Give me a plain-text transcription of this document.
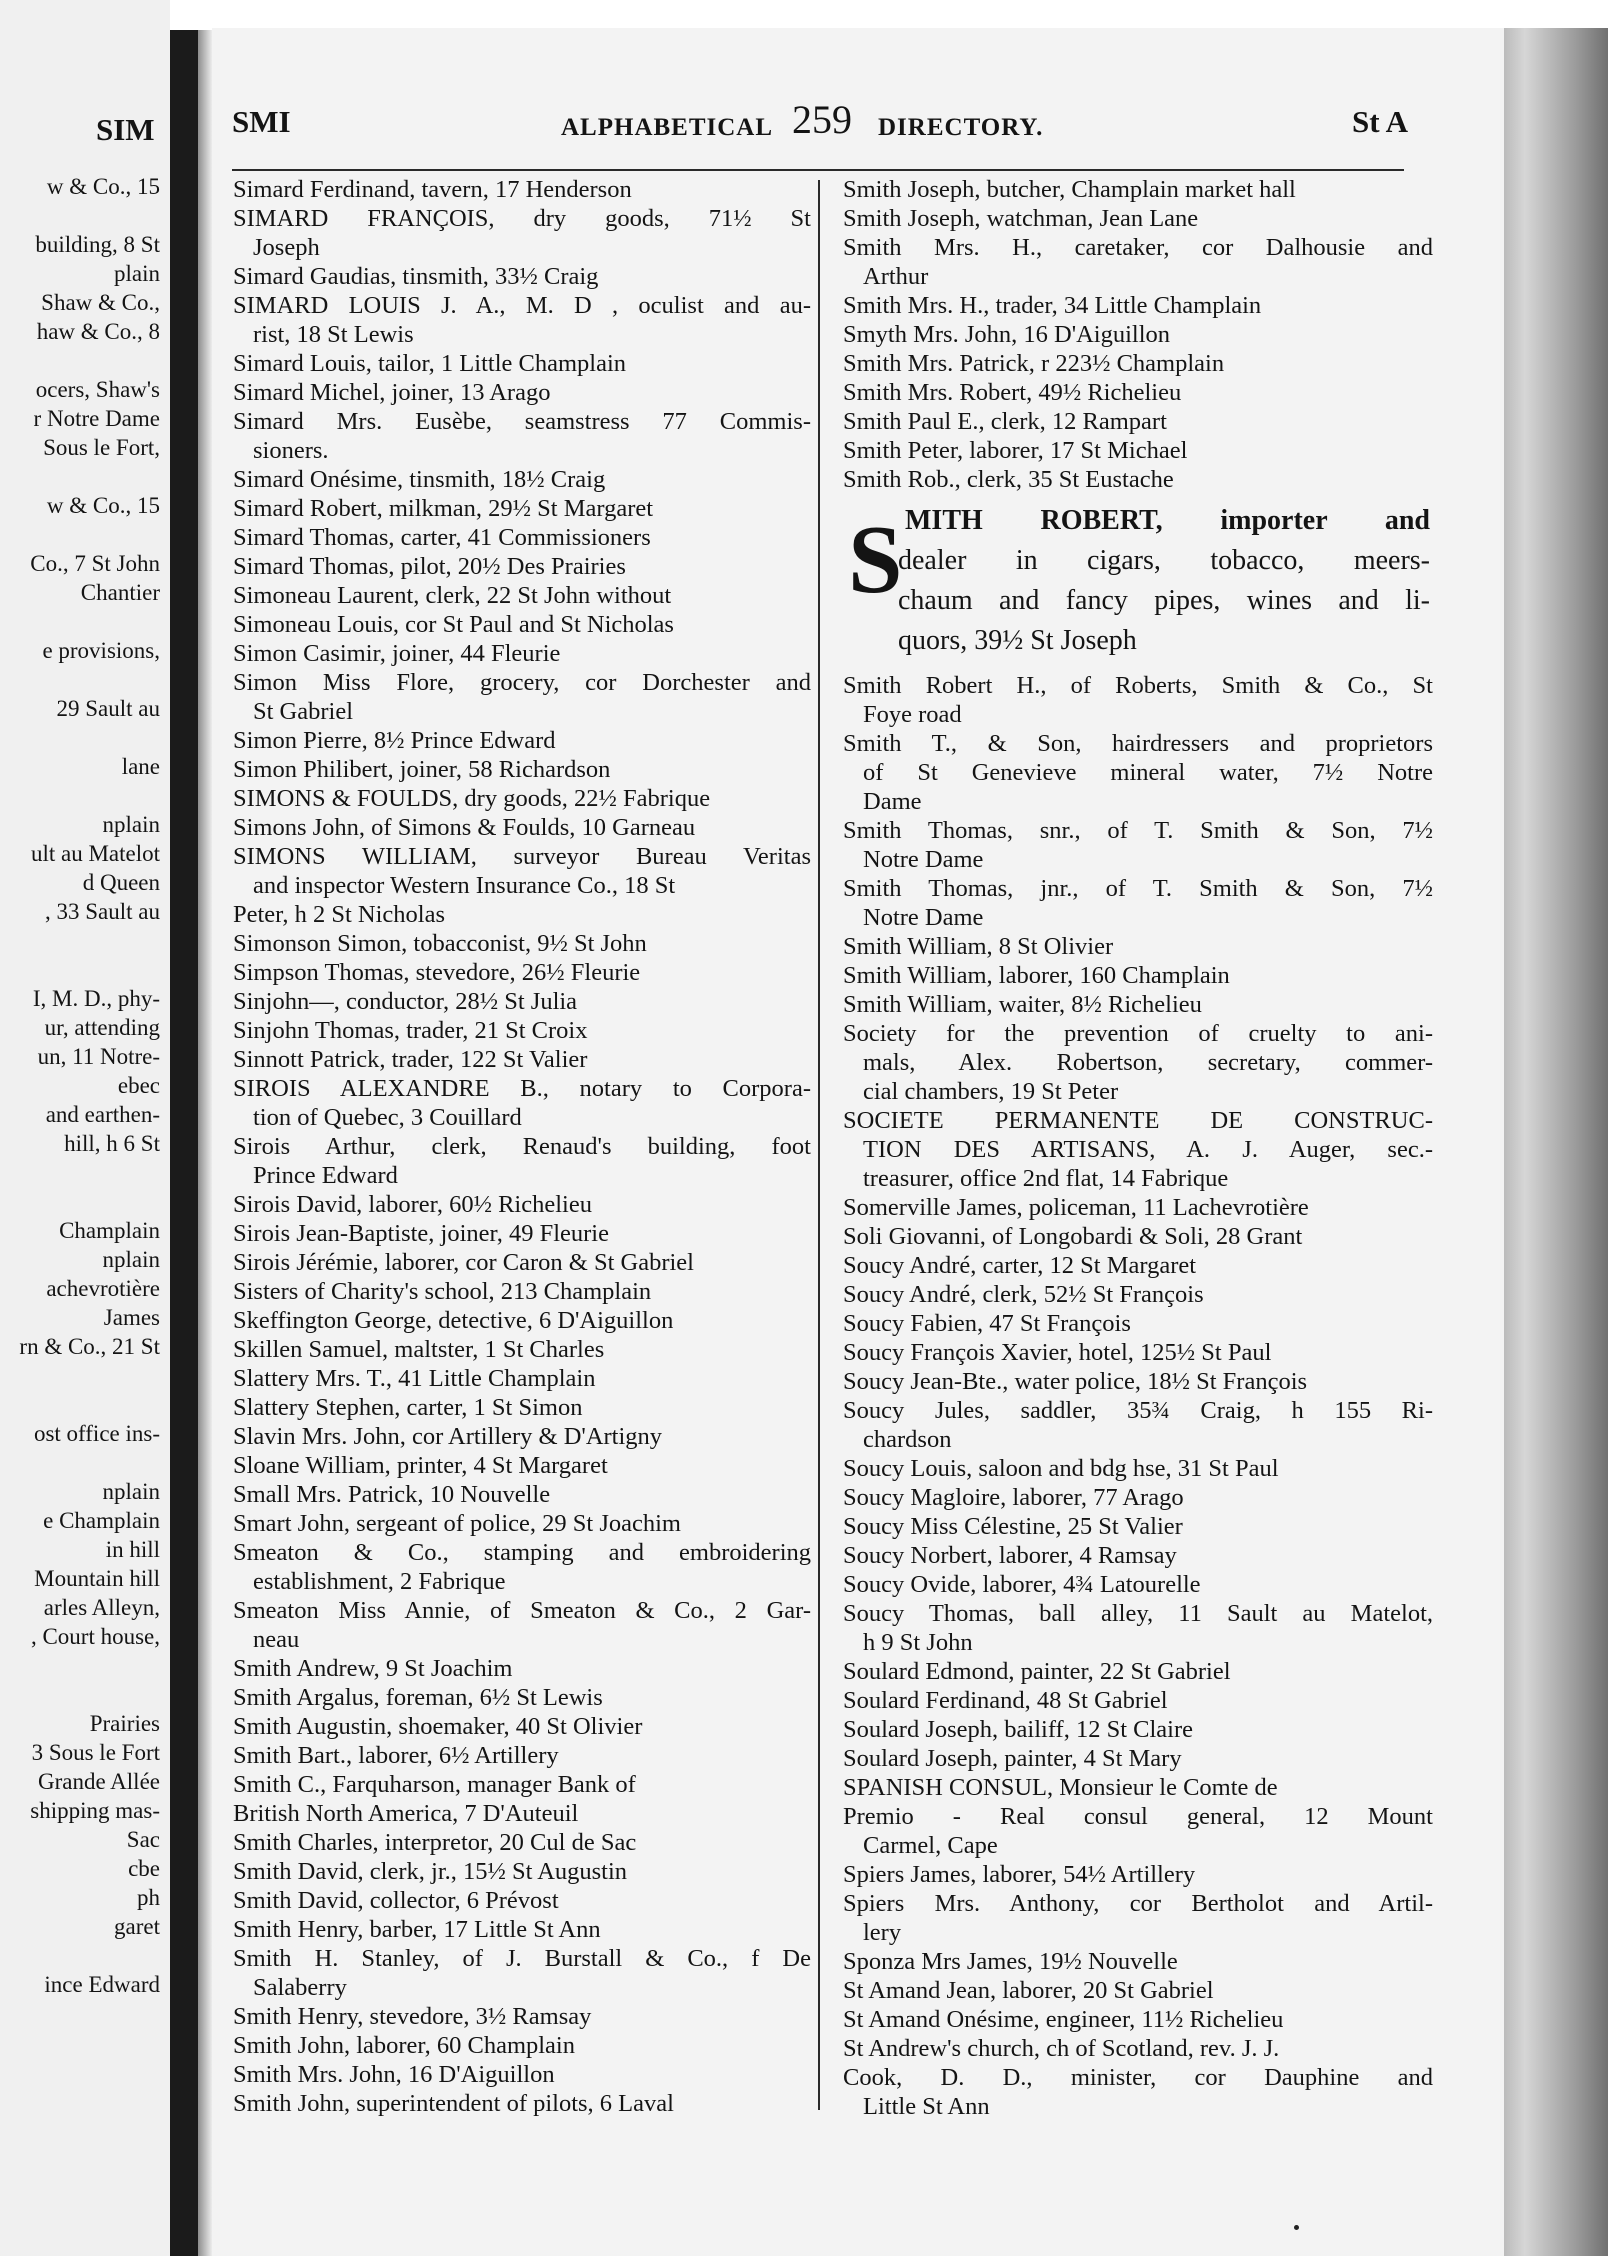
SIM
w & Co., 15
building, 8 St
plain
Shaw & Co.,
haw & Co., 8
ocers, Shaw's
r Notre Dame
Sous le Fort,
w & Co., 15
Co., 7 St John
Chantier
e provisions,
29 Sault au
lane
nplain
ult au Matelot
d Queen
, 33 Sault au
I, M. D., phy-
ur, attending
un, 11 Notre-
ebec
and earthen-
hill, h 6 St
Champlain
nplain
achevrotière
James
rn & Co., 21 St
ost office ins-
nplain
e Champlain
in hill
Mountain hill
arles Alleyn,
, Court house,
Prairies
3 Sous le Fort
Grande Allée
shipping mas-
Sac
cbe
ph
garet
ince Edward
SMI	ALPHABETICAL 259 DIRECTORY.	St A
Simard Ferdinand, tavern, 17 Henderson
SIMARD FRANÇOIS, dry goods, 71½ St
Joseph
Simard Gaudias, tinsmith, 33½ Craig
SIMARD LOUIS J. A., M. D , oculist and au-
rist, 18 St Lewis
Simard Louis, tailor, 1 Little Champlain
Simard Michel, joiner, 13 Arago
Simard Mrs. Eusèbe, seamstress 77 Commis-
sioners.
Simard Onésime, tinsmith, 18½ Craig
Simard Robert, milkman, 29½ St Margaret
Simard Thomas, carter, 41 Commissioners
Simard Thomas, pilot, 20½ Des Prairies
Simoneau Laurent, clerk, 22 St John without
Simoneau Louis, cor St Paul and St Nicholas
Simon Casimir, joiner, 44 Fleurie
Simon Miss Flore, grocery, cor Dorchester and
St Gabriel
Simon Pierre, 8½ Prince Edward
Simon Philibert, joiner, 58 Richardson
SIMONS & FOULDS, dry goods, 22½ Fabrique
Simons John, of Simons & Foulds, 10 Garneau
SIMONS WILLIAM, surveyor Bureau Veritas
and inspector Western Insurance Co., 18 St
Peter, h 2 St Nicholas
Simonson Simon, tobacconist, 9½ St John
Simpson Thomas, stevedore, 26½ Fleurie
Sinjohn—, conductor, 28½ St Julia
Sinjohn Thomas, trader, 21 St Croix
Sinnott Patrick, trader, 122 St Valier
SIROIS ALEXANDRE B., notary to Corpora-
tion of Quebec, 3 Couillard
Sirois Arthur, clerk, Renaud's building, foot
Prince Edward
Sirois David, laborer, 60½ Richelieu
Sirois Jean-Baptiste, joiner, 49 Fleurie
Sirois Jérémie, laborer, cor Caron & St Gabriel
Sisters of Charity's school, 213 Champlain
Skeffington George, detective, 6 D'Aiguillon
Skillen Samuel, maltster, 1 St Charles
Slattery Mrs. T., 41 Little Champlain
Slattery Stephen, carter, 1 St Simon
Slavin Mrs. John, cor Artillery & D'Artigny
Sloane William, printer, 4 St Margaret
Small Mrs. Patrick, 10 Nouvelle
Smart John, sergeant of police, 29 St Joachim
Smeaton & Co., stamping and embroidering
establishment, 2 Fabrique
Smeaton Miss Annie, of Smeaton & Co., 2 Gar-
neau
Smith Andrew, 9 St Joachim
Smith Argalus, foreman, 6½ St Lewis
Smith Augustin, shoemaker, 40 St Olivier
Smith Bart., laborer, 6½ Artillery
Smith C., Farquharson, manager Bank of
British North America, 7 D'Auteuil
Smith Charles, interpretor, 20 Cul de Sac
Smith David, clerk, jr., 15½ St Augustin
Smith David, collector, 6 Prévost
Smith Henry, barber, 17 Little St Ann
Smith H. Stanley, of J. Burstall & Co., f De
Salaberry
Smith Henry, stevedore, 3½ Ramsay
Smith John, laborer, 60 Champlain
Smith Mrs. John, 16 D'Aiguillon
Smith John, superintendent of pilots, 6 Laval
Smith Joseph, butcher, Champlain market hall
Smith Joseph, watchman, Jean Lane
Smith Mrs. H., caretaker, cor Dalhousie and
Arthur
Smith Mrs. H., trader, 34 Little Champlain
Smyth Mrs. John, 16 D'Aiguillon
Smith Mrs. Patrick, r 223½ Champlain
Smith Mrs. Robert, 49½ Richelieu
Smith Paul E., clerk, 12 Rampart
Smith Peter, laborer, 17 St Michael
Smith Rob., clerk, 35 St Eustache
Smith Robert H., of Roberts, Smith & Co., St
Foye road
Smith T., & Son, hairdressers and proprietors
of St Genevieve mineral water, 7½ Notre
Dame
Smith Thomas, snr., of T. Smith & Son, 7½
Notre Dame
Smith Thomas, jnr., of T. Smith & Son, 7½
Notre Dame
Smith William, 8 St Olivier
Smith William, laborer, 160 Champlain
Smith William, waiter, 8½ Richelieu
Society for the prevention of cruelty to ani-
mals, Alex. Robertson, secretary, commer-
cial chambers, 19 St Peter
SOCIETE PERMANENTE DE CONSTRUC-
TION DES ARTISANS, A. J. Auger, sec.-
treasurer, office 2nd flat, 14 Fabrique
Somerville James, policeman, 11 Lachevrotière
Soli Giovanni, of Longobardi & Soli, 28 Grant
Soucy André, carter, 12 St Margaret
Soucy André, clerk, 52½ St François
Soucy Fabien, 47 St François
Soucy François Xavier, hotel, 125½ St Paul
Soucy Jean-Bte., water police, 18½ St François
Soucy Jules, saddler, 35¾ Craig, h 155 Ri-
chardson
Soucy Louis, saloon and bdg hse, 31 St Paul
Soucy Magloire, laborer, 77 Arago
Soucy Miss Célestine, 25 St Valier
Soucy Norbert, laborer, 4 Ramsay
Soucy Ovide, laborer, 4¾ Latourelle
Soucy Thomas, ball alley, 11 Sault au Matelot,
h 9 St John
Soulard Edmond, painter, 22 St Gabriel
Soulard Ferdinand, 48 St Gabriel
Soulard Joseph, bailiff, 12 St Claire
Soulard Joseph, painter, 4 St Mary
SPANISH CONSUL, Monsieur le Comte de
Premio - Real consul general, 12 Mount
Carmel, Cape
Spiers James, laborer, 54½ Artillery
Spiers Mrs. Anthony, cor Bertholot and Artil-
lery
Sponza Mrs James, 19½ Nouvelle
St Amand Jean, laborer, 20 St Gabriel
St Amand Onésime, engineer, 11½ Richelieu
St Andrew's church, ch of Scotland, rev. J. J.
Cook, D. D., minister, cor Dauphine and
Little St Ann
S MITH ROBERT, importer and
dealer in cigars, tobacco, meers-
chaum and fancy pipes, wines and li-
quors, 39½ St Joseph
